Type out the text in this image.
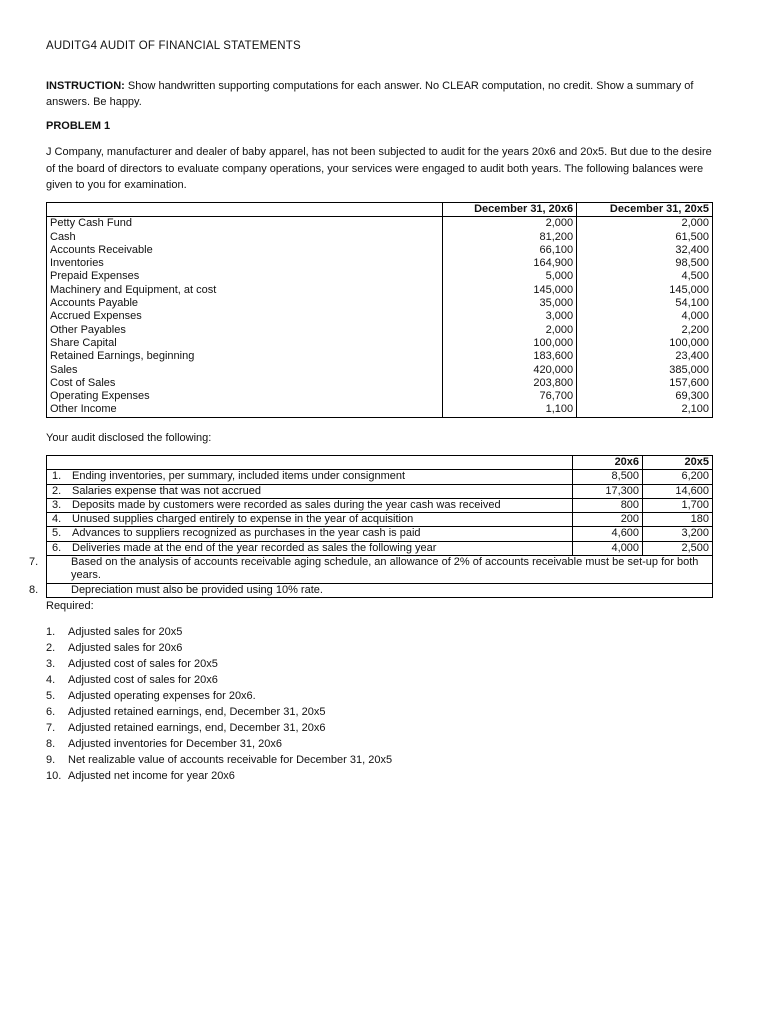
AUDITG4 AUDIT OF FINANCIAL STATEMENTS
INSTRUCTION: Show handwritten supporting computations for each answer. No CLEAR computation, no credit. Show a summary of answers. Be happy.
PROBLEM 1
J Company, manufacturer and dealer of baby apparel, has not been subjected to audit for the years 20x6 and 20x5. But due to the desire of the board of directors to evaluate company operations, your services were engaged to audit both years. The following balances were given to you for examination.
	December 31, 20x6	December 31, 20x5
Petty Cash Fund	2,000	2,000
Cash	81,200	61,500
Accounts Receivable	66,100	32,400
Inventories	164,900	98,500
Prepaid Expenses	5,000	4,500
Machinery and Equipment, at cost	145,000	145,000
Accounts Payable	35,000	54,100
Accrued Expenses	3,000	4,000
Other Payables	2,000	2,200
Share Capital	100,000	100,000
Retained Earnings, beginning	183,600	23,400
Sales	420,000	385,000
Cost of Sales	203,800	157,600
Operating Expenses	76,700	69,300
Other Income	1,100	2,100
Your audit disclosed the following:
	20x6	20x5
1. Ending inventories, per summary, included items under consignment	8,500	6,200
2. Salaries expense that was not accrued	17,300	14,600
3. Deposits made by customers were recorded as sales during the year cash was received	800	1,700
4. Unused supplies charged entirely to expense in the year of acquisition	200	180
5. Advances to suppliers recognized as purchases in the year cash is paid	4,600	3,200
6. Deliveries made at the end of the year recorded as sales the following year	4,000	2,500
7. Based on the analysis of accounts receivable aging schedule, an allowance of 2% of accounts receivable must be set-up for both years.		
8. Depreciation must also be provided using 10% rate.		
Required:
1. Adjusted sales for 20x5
2. Adjusted sales for 20x6
3. Adjusted cost of sales for 20x5
4. Adjusted cost of sales for 20x6
5. Adjusted operating expenses for 20x6.
6. Adjusted retained earnings, end, December 31, 20x5
7. Adjusted retained earnings, end, December 31, 20x6
8. Adjusted inventories for December 31, 20x6
9. Net realizable value of accounts receivable for December 31, 20x5
10. Adjusted net income for year 20x6
